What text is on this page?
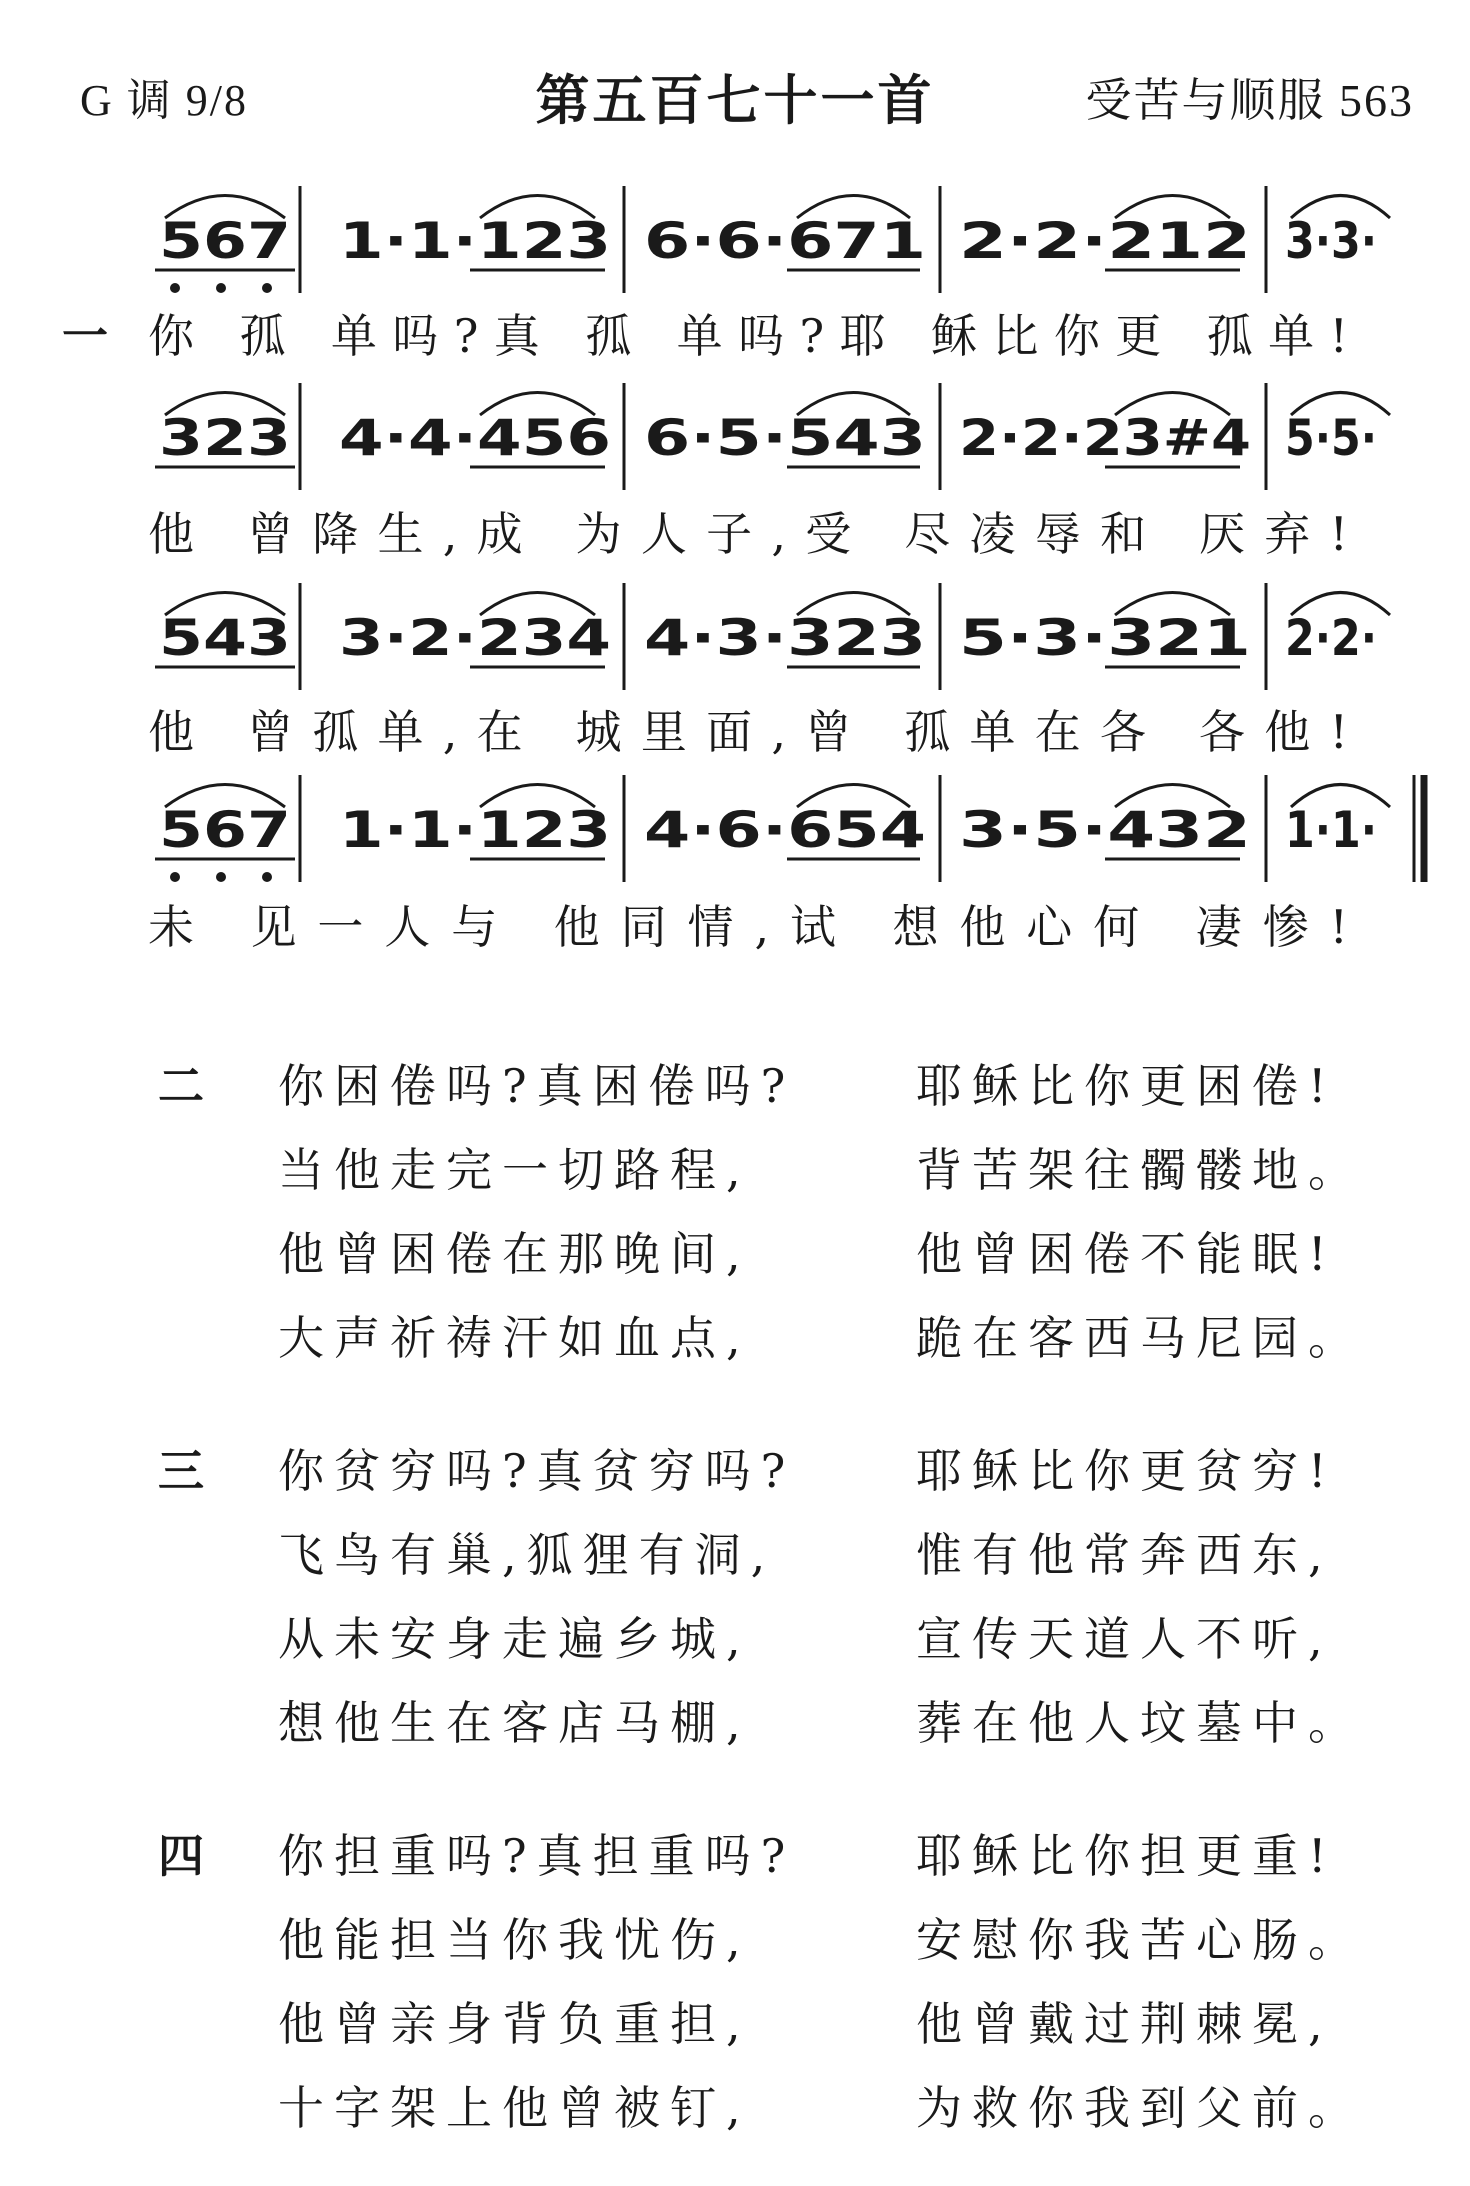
G 调 9/8	第五百七十一首	受苦与顺服 563
567 1·1·123 6·6·671 2·2·212 3·3·
你 孤 单吗?真 孤 单吗?耶 稣比你更 孤单!
323 4·4·456 6·5·543 2·2·23#4 5·5·
他 曾降生,成 为人子,受 尽凌辱和 厌弃!
543 3·2·234 4·3·323 5·3·321 2·2·
他 曾孤单,在 城里面,曾 孤单在各 各他!
567 1·1·123 4·6·654 3·5·432 1·1·
未 见一人与 他同情,试 想他心何 凄惨!
一
二 你困倦吗?真困倦吗?	耶稣比你更困倦!
当他走完一切路程,	背苦架往髑髅地。
他曾困倦在那晚间,	他曾困倦不能眠!
大声祈祷汗如血点,	跪在客西马尼园。
三 你贫穷吗?真贫穷吗?	耶稣比你更贫穷!
飞鸟有巢,狐狸有洞,	惟有他常奔西东,
从未安身走遍乡城,	宣传天道人不听,
想他生在客店马棚,	葬在他人坟墓中。
四 你担重吗?真担重吗?	耶稣比你担更重!
他能担当你我忧伤,	安慰你我苦心肠。
他曾亲身背负重担,	他曾戴过荆棘冕,
十字架上他曾被钉,	为救你我到父前。
